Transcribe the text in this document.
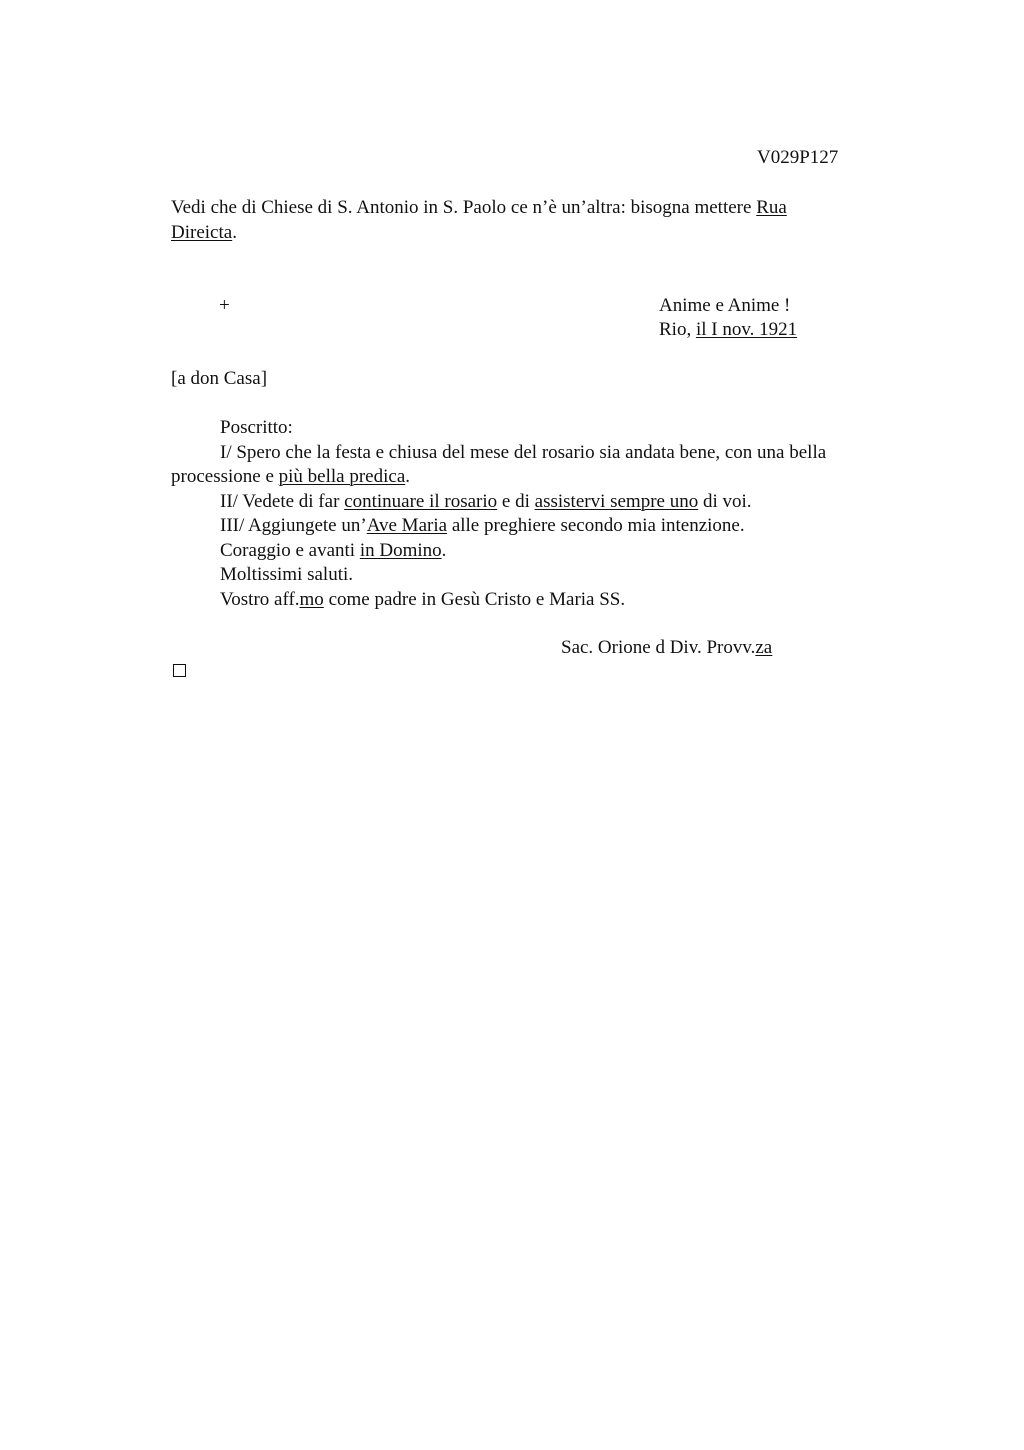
V029P127
Vedi che di Chiese di S. Antonio in S. Paolo ce n’è un’altra: bisogna mettere Rua
Direicta.
+	Anime e Anime !
Rio, il I nov. 1921
[a don Casa]
Poscritto:
I/ Spero che la festa e chiusa del mese del rosario sia andata bene, con una bella
processione e più bella predica.
II/ Vedete di far continuare il rosario e di assistervi sempre uno di voi.
III/ Aggiungete un’Ave Maria alle preghiere secondo mia intenzione.
Coraggio e avanti in Domino.
Moltissimi saluti.
Vostro aff.mo come padre in Gesù Cristo e Maria SS.
Sac. Orione d Div. Provv.za
